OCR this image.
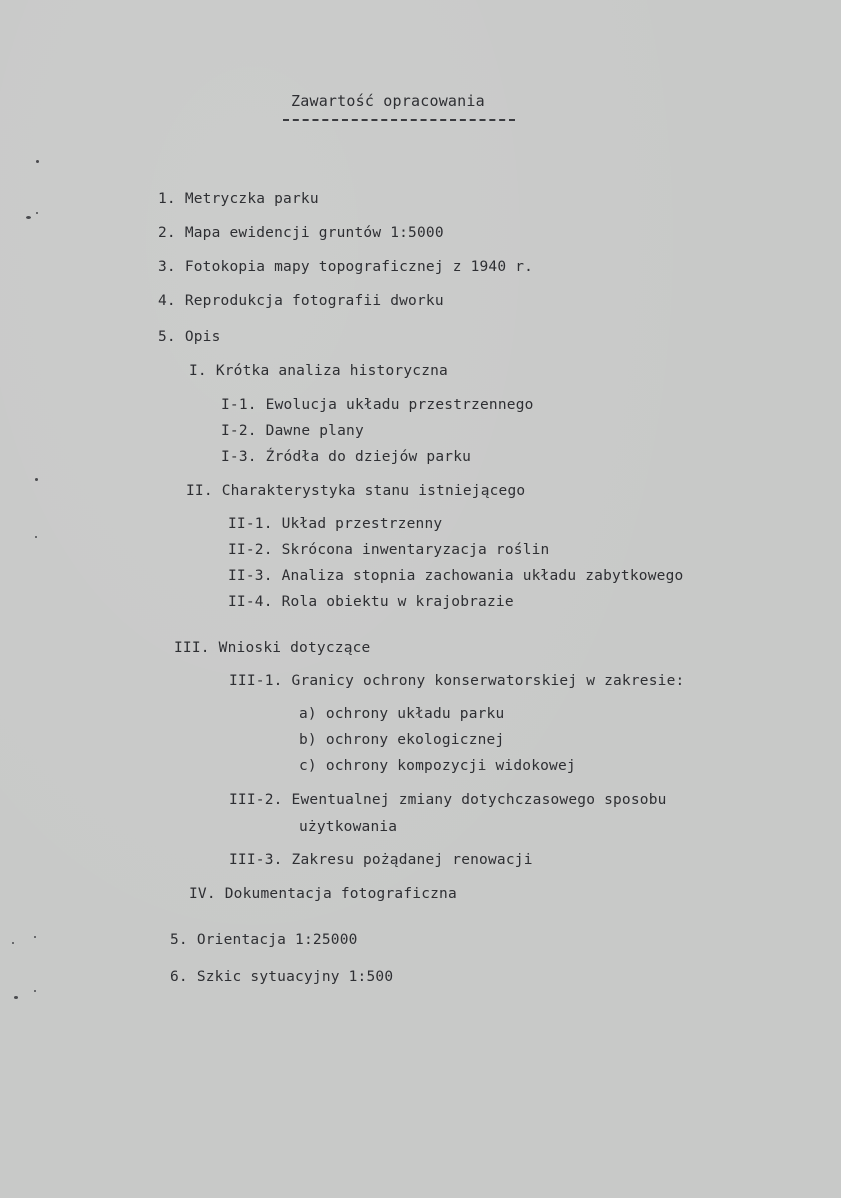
Zawartość opracowania
1. Metryczka parku
2. Mapa ewidencji gruntów 1:5000
3. Fotokopia mapy topograficznej z 1940 r.
4. Reprodukcja fotografii dworku
5. Opis
I. Krótka analiza historyczna
I-1. Ewolucja układu przestrzennego
I-2. Dawne plany
I-3. Źródła do dziejów parku
II. Charakterystyka stanu istniejącego
II-1. Układ przestrzenny
II-2. Skrócona inwentaryzacja roślin
II-3. Analiza stopnia zachowania układu zabytkowego
II-4. Rola obiektu w krajobrazie
III. Wnioski dotyczące
III-1. Granicy ochrony konserwatorskiej w zakresie:
a) ochrony układu parku
b) ochrony ekologicznej
c) ochrony kompozycji widokowej
III-2. Ewentualnej zmiany dotychczasowego sposobu
użytkowania
III-3. Zakresu pożądanej renowacji
IV. Dokumentacja fotograficzna
5. Orientacja 1:25000
6. Szkic sytuacyjny 1:500
